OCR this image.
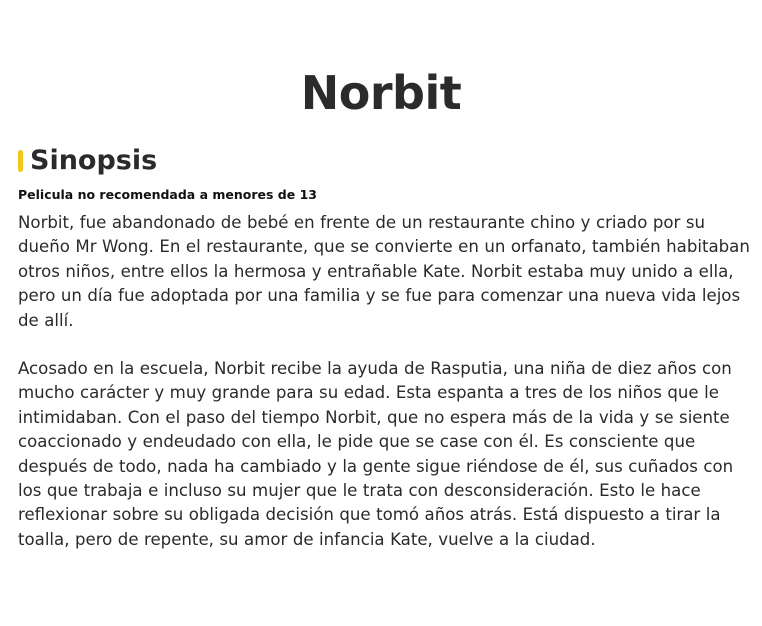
Norbit
Sinopsis
Pelicula no recomendada a menores de 13

Norbit, fue abandonado de bebé en frente de un restaurante chino y criado por su dueño Mr Wong. En el restaurante, que se convierte en un orfanato, también habitaban otros niños, entre ellos la hermosa y entrañable Kate. Norbit estaba muy unido a ella, pero un día fue adoptada por una familia y se fue para comenzar una nueva vida lejos de allí.

Acosado en la escuela, Norbit recibe la ayuda de Rasputia, una niña de diez años con mucho carácter y muy grande para su edad. Esta espanta a tres de los niños que le intimidaban. Con el paso del tiempo Norbit, que no espera más de la vida y se siente coaccionado y endeudado con ella, le pide que se case con él. Es consciente que después de todo, nada ha cambiado y la gente sigue riéndose de él, sus cuñados con los que trabaja e incluso su mujer que le trata con desconsideración. Esto le hace reflexionar sobre su obligada decisión que tomó años atrás. Está dispuesto a tirar la toalla, pero de repente, su amor de infancia Kate, vuelve a la ciudad.
